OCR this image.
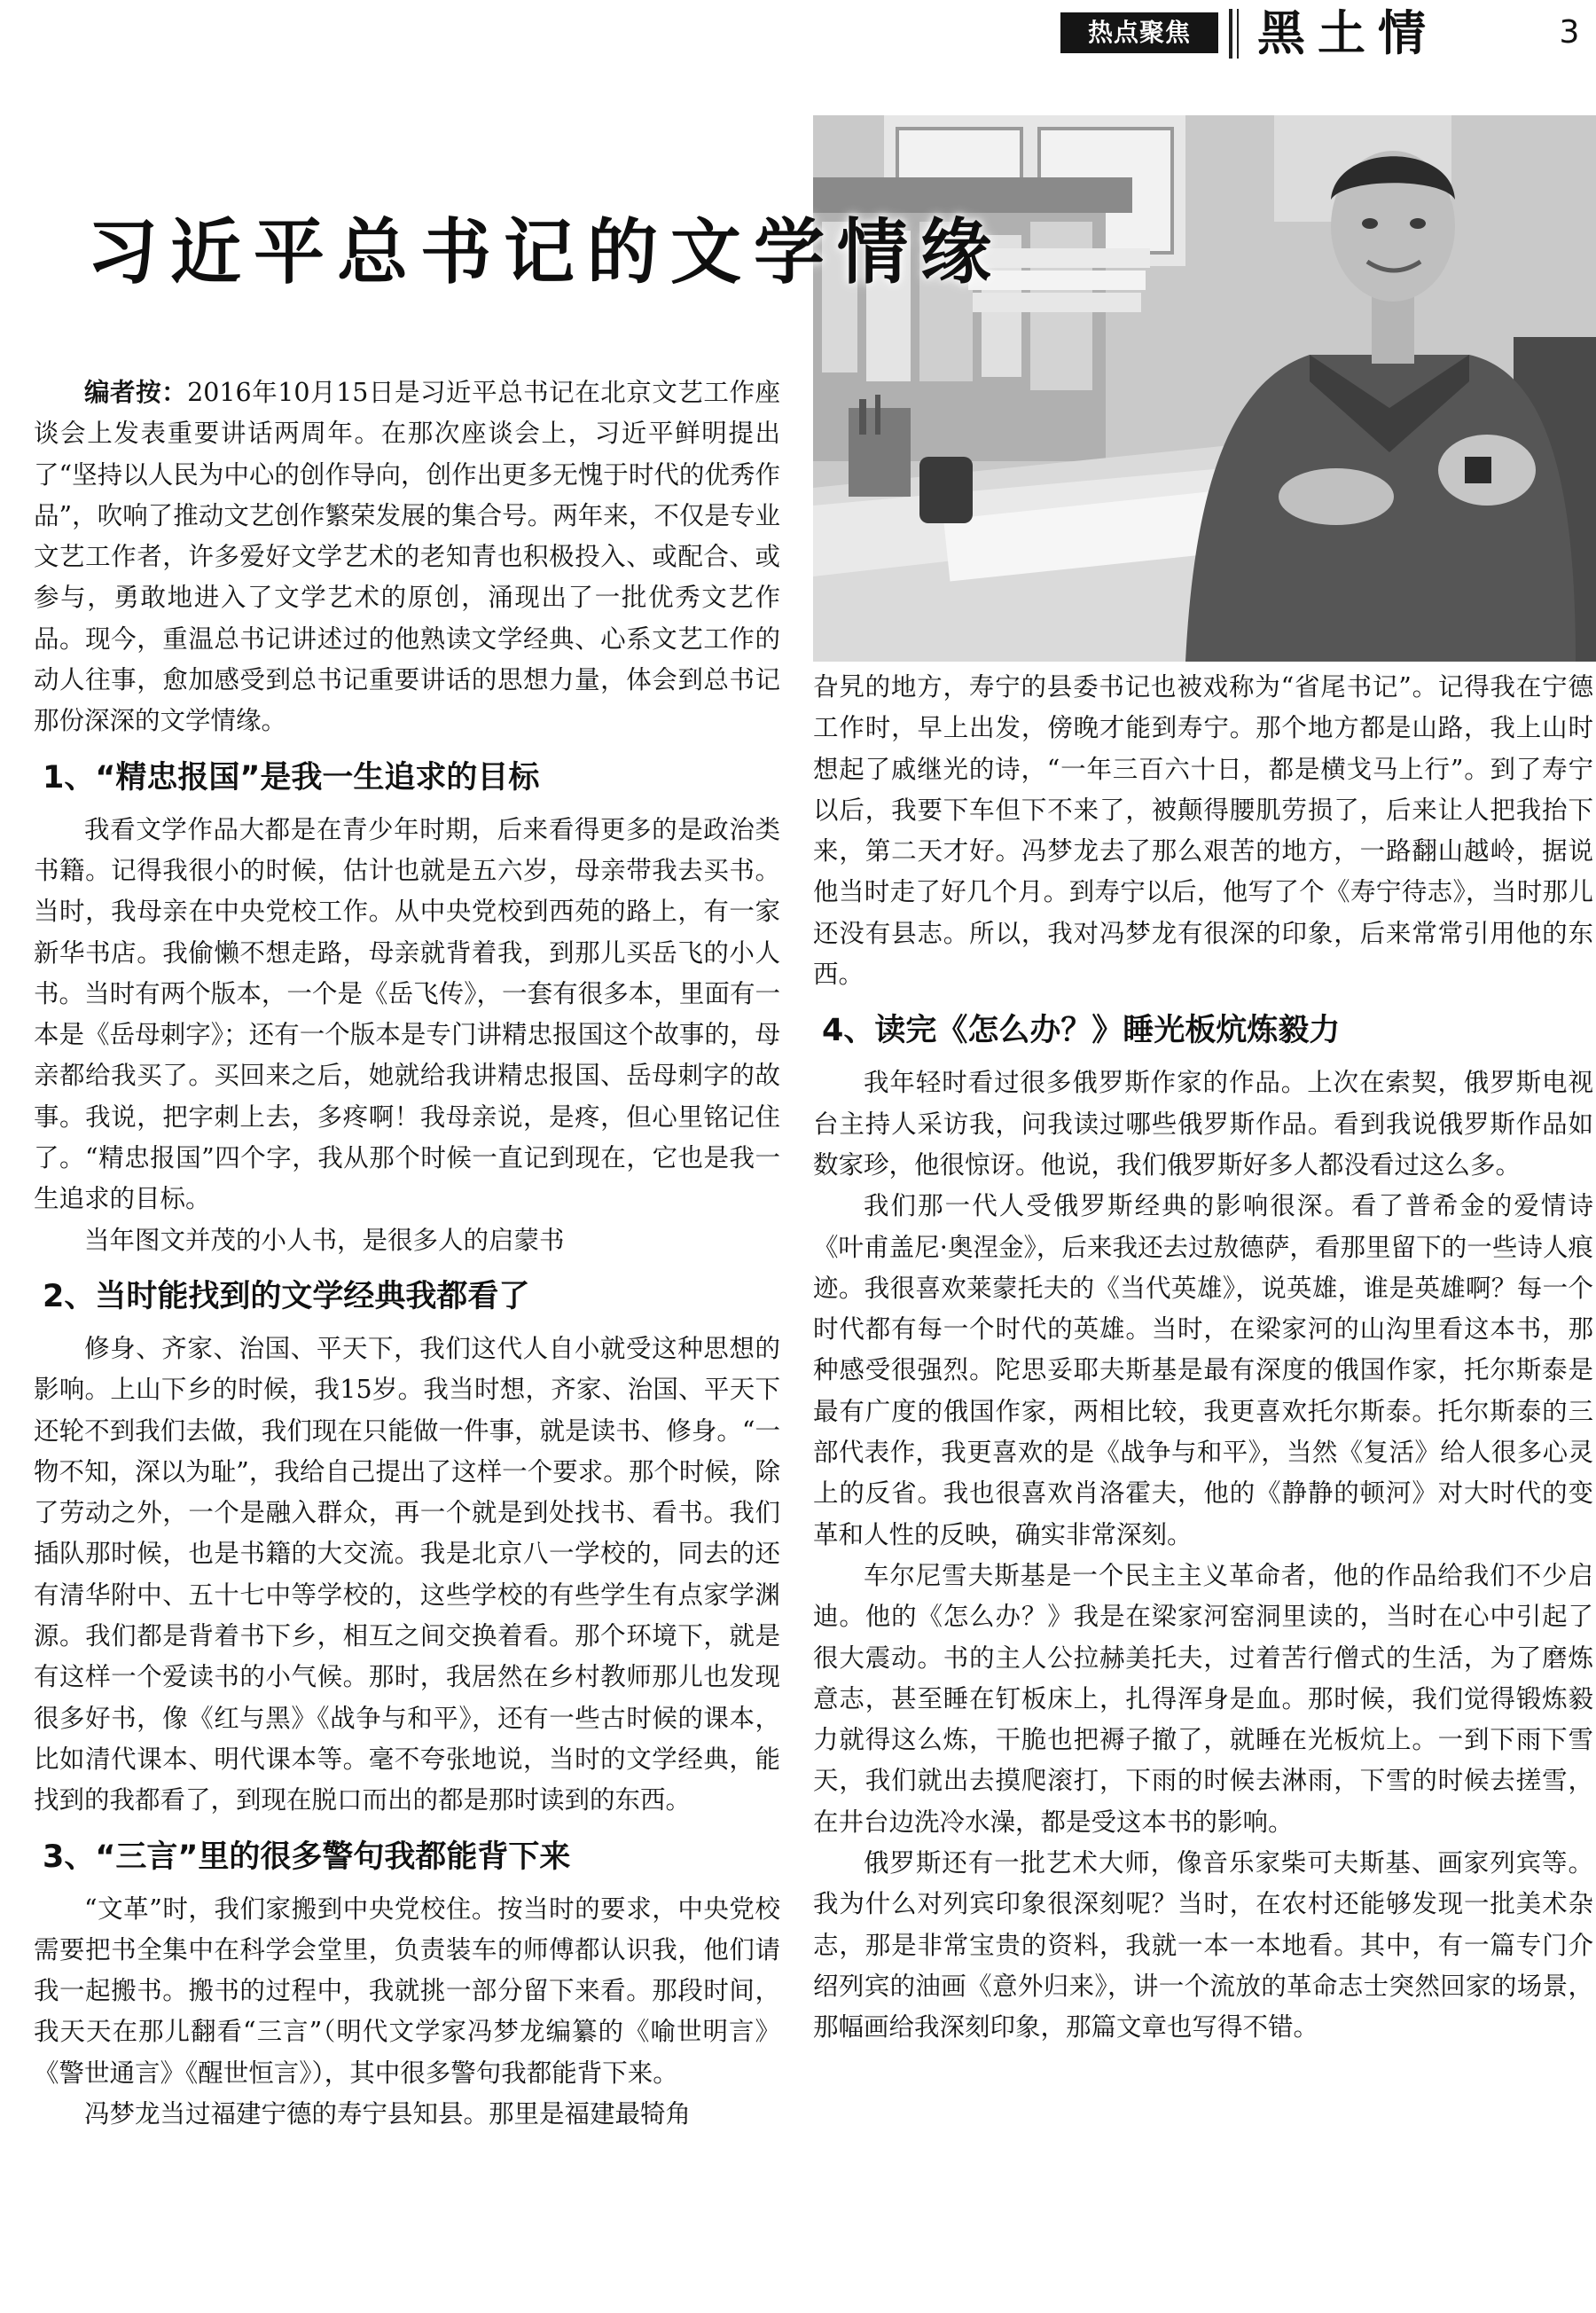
热点聚焦	黑土情	3
习近平总书记的文学情缘

编者按：2016年10月15日是习近平总书记在北京文艺工作座谈会上发表重要讲话两周年。在那次座谈会上，习近平鲜明提出了“坚持以人民为中心的创作导向，创作出更多无愧于时代的优秀作品”，吹响了推动文艺创作繁荣发展的集合号。两年来，不仅是专业文艺工作者，许多爱好文学艺术的老知青也积极投入、或配合、或参与，勇敢地进入了文学艺术的原创，涌现出了一批优秀文艺作品。现今，重温总书记讲述过的他熟读文学经典、心系文艺工作的动人往事，愈加感受到总书记重要讲话的思想力量，体会到总书记那份深深的文学情缘。

1、“精忠报国”是我一生追求的目标

我看文学作品大都是在青少年时期，后来看得更多的是政治类书籍。记得我很小的时候，估计也就是五六岁，母亲带我去买书。当时，我母亲在中央党校工作。从中央党校到西苑的路上，有一家新华书店。我偷懒不想走路，母亲就背着我，到那儿买岳飞的小人书。当时有两个版本，一个是《岳飞传》，一套有很多本，里面有一本是《岳母刺字》；还有一个版本是专门讲精忠报国这个故事的，母亲都给我买了。买回来之后，她就给我讲精忠报国、岳母刺字的故事。我说，把字刺上去，多疼啊！我母亲说，是疼，但心里铭记住了。“精忠报国”四个字，我从那个时候一直记到现在，它也是我一生追求的目标。

当年图文并茂的小人书，是很多人的启蒙书

2、当时能找到的文学经典我都看了

修身、齐家、治国、平天下，我们这代人自小就受这种思想的影响。上山下乡的时候，我15岁。我当时想，齐家、治国、平天下还轮不到我们去做，我们现在只能做一件事，就是读书、修身。“一物不知，深以为耻”，我给自己提出了这样一个要求。那个时候，除了劳动之外，一个是融入群众，再一个就是到处找书、看书。我们插队那时候，也是书籍的大交流。我是北京八一学校的，同去的还有清华附中、五十七中等学校的，这些学校的有些学生有点家学渊源。我们都是背着书下乡，相互之间交换着看。那个环境下，就是有这样一个爱读书的小气候。那时，我居然在乡村教师那儿也发现很多好书，像《红与黑》《战争与和平》，还有一些古时候的课本，比如清代课本、明代课本等。毫不夸张地说，当时的文学经典，能找到的我都看了，到现在脱口而出的都是那时读到的东西。

3、“三言”里的很多警句我都能背下来

“文革”时，我们家搬到中央党校住。按当时的要求，中央党校需要把书全集中在科学会堂里，负责装车的师傅都认识我，他们请我一起搬书。搬书的过程中，我就挑一部分留下来看。那段时间，我天天在那儿翻看“三言”（明代文学家冯梦龙编纂的《喻世明言》《警世通言》《醒世恒言》），其中很多警句我都能背下来。

冯梦龙当过福建宁德的寿宁县知县。那里是福建最犄角

旮旯的地方，寿宁的县委书记也被戏称为“省尾书记”。记得我在宁德工作时，早上出发，傍晚才能到寿宁。那个地方都是山路，我上山时想起了戚继光的诗，“一年三百六十日，都是横戈马上行”。到了寿宁以后，我要下车但下不来了，被颠得腰肌劳损了，后来让人把我抬下来，第二天才好。冯梦龙去了那么艰苦的地方，一路翻山越岭，据说他当时走了好几个月。到寿宁以后，他写了个《寿宁待志》，当时那儿还没有县志。所以，我对冯梦龙有很深的印象，后来常常引用他的东西。

4、读完《怎么办？》睡光板炕炼毅力

我年轻时看过很多俄罗斯作家的作品。上次在索契，俄罗斯电视台主持人采访我，问我读过哪些俄罗斯作品。看到我说俄罗斯作品如数家珍，他很惊讶。他说，我们俄罗斯好多人都没看过这么多。

我们那一代人受俄罗斯经典的影响很深。看了普希金的爱情诗《叶甫盖尼·奥涅金》，后来我还去过敖德萨，看那里留下的一些诗人痕迹。我很喜欢莱蒙托夫的《当代英雄》，说英雄，谁是英雄啊？每一个时代都有每一个时代的英雄。当时，在梁家河的山沟里看这本书，那种感受很强烈。陀思妥耶夫斯基是最有深度的俄国作家，托尔斯泰是最有广度的俄国作家，两相比较，我更喜欢托尔斯泰。托尔斯泰的三部代表作，我更喜欢的是《战争与和平》，当然《复活》给人很多心灵上的反省。我也很喜欢肖洛霍夫，他的《静静的顿河》对大时代的变革和人性的反映，确实非常深刻。

车尔尼雪夫斯基是一个民主主义革命者，他的作品给我们不少启迪。他的《怎么办？》我是在梁家河窑洞里读的，当时在心中引起了很大震动。书的主人公拉赫美托夫，过着苦行僧式的生活，为了磨炼意志，甚至睡在钉板床上，扎得浑身是血。那时候，我们觉得锻炼毅力就得这么炼，干脆也把褥子撤了，就睡在光板炕上。一到下雨下雪天，我们就出去摸爬滚打，下雨的时候去淋雨，下雪的时候去搓雪，在井台边洗冷水澡，都是受这本书的影响。

俄罗斯还有一批艺术大师，像音乐家柴可夫斯基、画家列宾等。我为什么对列宾印象很深刻呢？当时，在农村还能够发现一批美术杂志，那是非常宝贵的资料，我就一本一本地看。其中，有一篇专门介绍列宾的油画《意外归来》，讲一个流放的革命志士突然回家的场景，那幅画给我深刻印象，那篇文章也写得不错。
